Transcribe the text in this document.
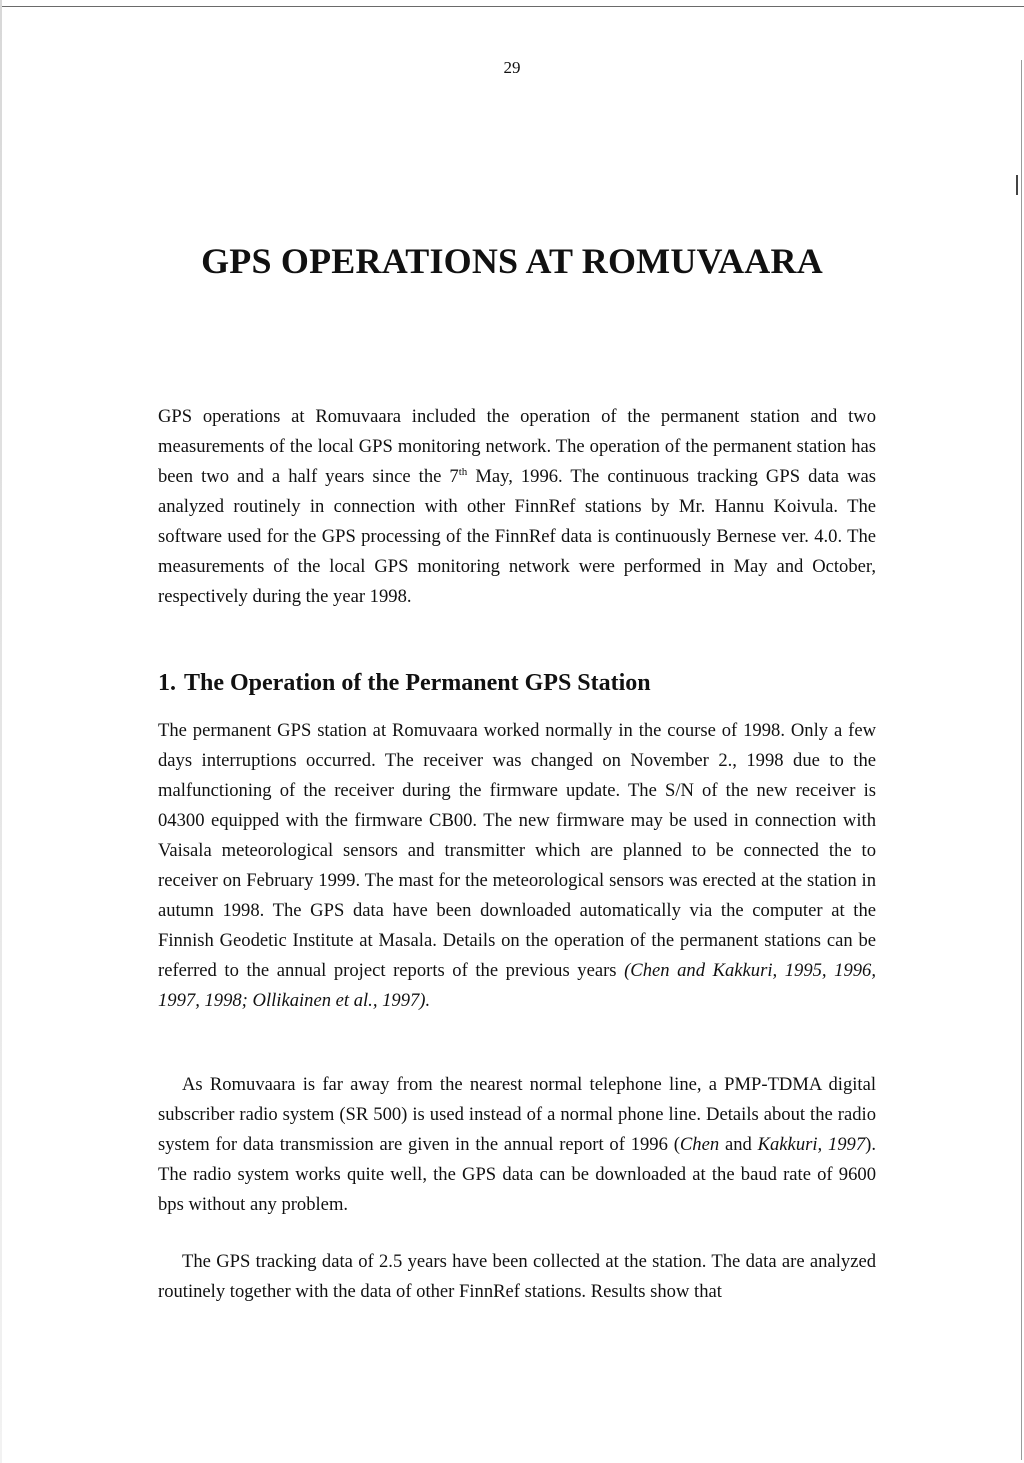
29
GPS OPERATIONS AT ROMUVAARA

GPS operations at Romuvaara included the operation of the permanent station and two measurements of the local GPS monitoring network. The operation of the permanent station has been two and a half years since the 7th May, 1996. The continuous tracking GPS data was analyzed routinely in connection with other FinnRef stations by Mr. Hannu Koivula. The software used for the GPS processing of the FinnRef data is continuously Bernese ver. 4.0. The measurements of the local GPS monitoring network were performed in May and October, respectively during the year 1998.

1. The Operation of the Permanent GPS Station

The permanent GPS station at Romuvaara worked normally in the course of 1998. Only a few days interruptions occurred. The receiver was changed on November 2., 1998 due to the malfunctioning of the receiver during the firmware update. The S/N of the new receiver is 04300 equipped with the firmware CB00. The new firmware may be used in connection with Vaisala meteorological sensors and transmitter which are planned to be connected the to receiver on February 1999. The mast for the meteorological sensors was erected at the station in autumn 1998. The GPS data have been downloaded automatically via the computer at the Finnish Geodetic Institute at Masala. Details on the operation of the permanent stations can be referred to the annual project reports of the previous years (Chen and Kakkuri, 1995, 1996, 1997, 1998; Ollikainen et al., 1997).

As Romuvaara is far away from the nearest normal telephone line, a PMP-TDMA digital subscriber radio system (SR 500) is used instead of a normal phone line. Details about the radio system for data transmission are given in the annual report of 1996 (Chen and Kakkuri, 1997). The radio system works quite well, the GPS data can be downloaded at the baud rate of 9600 bps without any problem.

The GPS tracking data of 2.5 years have been collected at the station. The data are analyzed routinely together with the data of other FinnRef stations. Results show that
